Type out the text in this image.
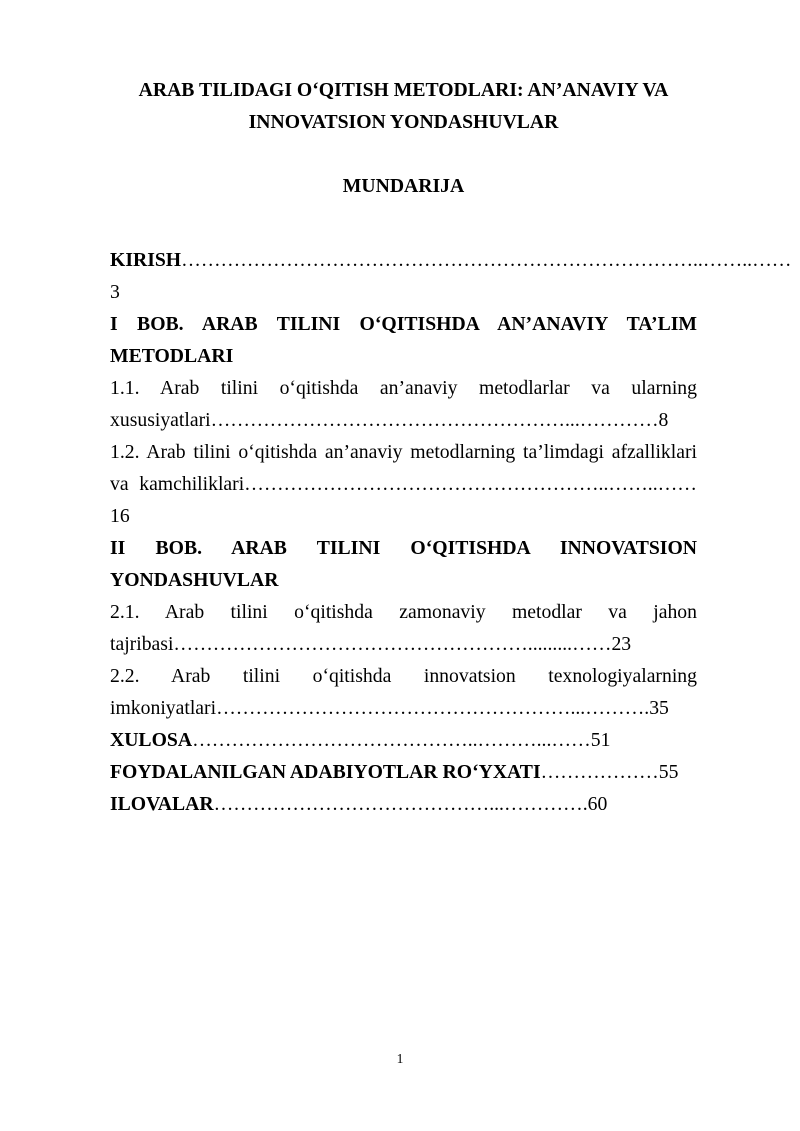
ARAB TILIDAGI O‘QITISH METODLARI: AN’ANAVIY VA INNOVATSION YONDASHUVLAR

MUNDARIJA

KIRISH……………………………………………………………………..……..……3

I BOB. ARAB TILINI O‘QITISHDA AN’ANAVIY TA’LIM METODLARI

1.1. Arab tilini o‘qitishda an’anaviy metodlarlar va ularning xususiyatlari………………………………………………...…………8

1.2. Arab tilini o‘qitishda an’anaviy metodlarning ta’limdagi afzalliklari va kamchiliklari………………………………………………..……..……16

II BOB. ARAB TILINI O‘QITISHDA INNOVATSION YONDASHUVLAR

2.1. Arab tilini o‘qitishda zamonaviy metodlar va jahon tajribasi……………………………………………….........……23

2.2. Arab tilini o‘qitishda innovatsion texnologiyalarning imkoniyatlari………………………………………………...……….35

XULOSA……………………………………..………...……51

FOYDALANILGAN ADABIYOTLAR RO‘YXATI………………55

ILOVALAR……………………………………...………….60

1
